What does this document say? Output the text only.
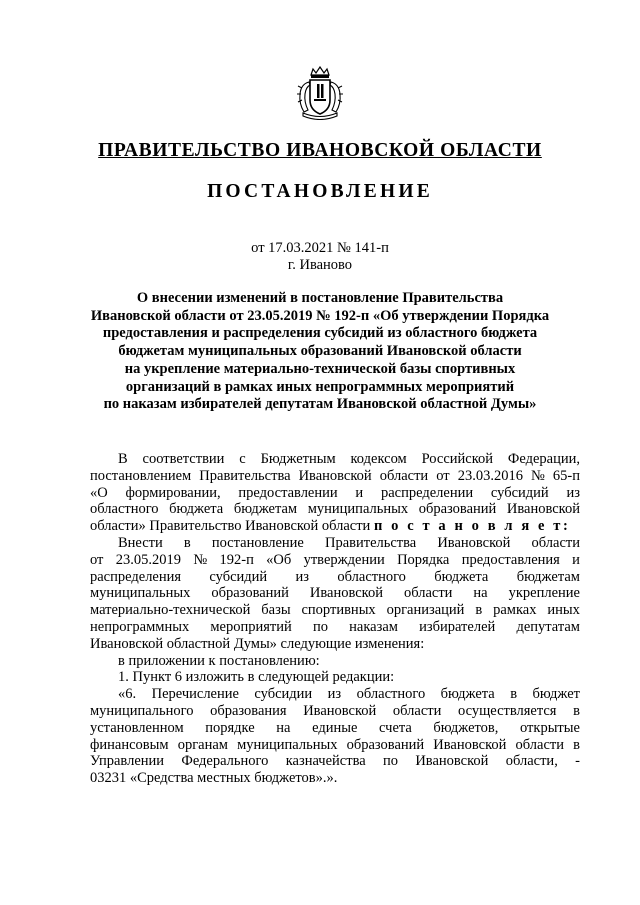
ПРАВИТЕЛЬСТВО ИВАНОВСКОЙ ОБЛАСТИ
ПОСТАНОВЛЕНИЕ
от 17.03.2021 № 141-п
г. Иваново
О внесении изменений в постановление Правительства
Ивановской области от 23.05.2019 № 192-п «Об утверждении Порядка
предоставления и распределения субсидий из областного бюджета
бюджетам муниципальных образований Ивановской области
на укрепление материально-технической базы спортивных
организаций в рамках иных непрограммных мероприятий
по наказам избирателей депутатам Ивановской областной Думы»
В соответствии с Бюджетным кодексом Российской Федерации,
постановлением Правительства Ивановской области от 23.03.2016 № 65-п
«О формировании, предоставлении и распределении субсидий из
областного бюджета бюджетам муниципальных образований Ивановской
области» Правительство Ивановской области п о с т а н о в л я е т:
Внести в постановление Правительства Ивановской области
от 23.05.2019 № 192-п «Об утверждении Порядка предоставления и
распределения субсидий из областного бюджета бюджетам
муниципальных образований Ивановской области на укрепление
материально-технической базы спортивных организаций в рамках иных
непрограммных мероприятий по наказам избирателей депутатам
Ивановской областной Думы» следующие изменения:
в приложении к постановлению:
1. Пункт 6 изложить в следующей редакции:
«6. Перечисление субсидии из областного бюджета в бюджет
муниципального образования Ивановской области осуществляется в
установленном порядке на единые счета бюджетов, открытые
финансовым органам муниципальных образований Ивановской области в
Управлении Федерального казначейства по Ивановской области, -
03231 «Средства местных бюджетов».».
